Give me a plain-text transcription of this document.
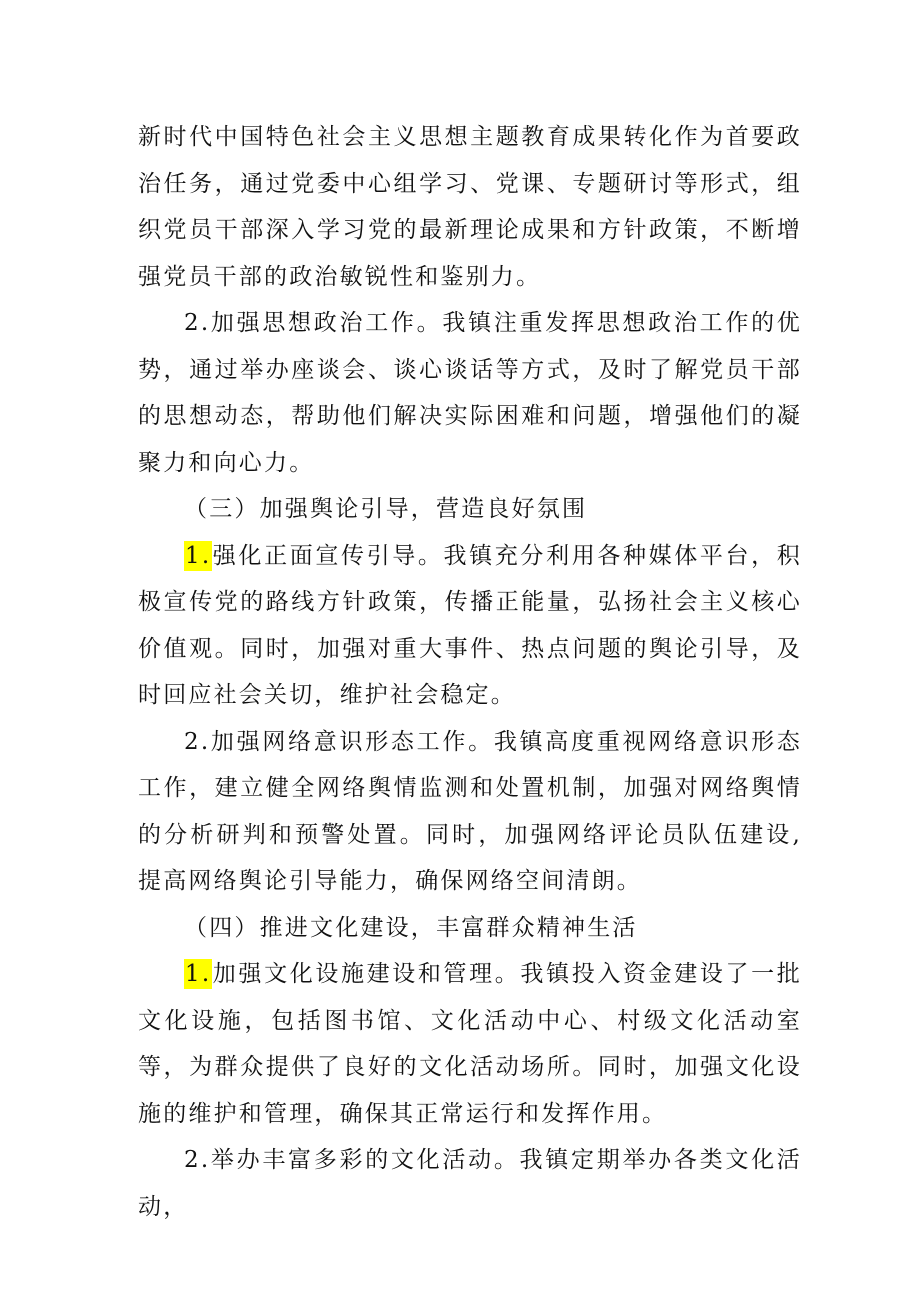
新时代中国特色社会主义思想主题教育成果转化作为首要政治任务，通过党委中心组学习、党课、专题研讨等形式，组织党员干部深入学习党的最新理论成果和方针政策，不断增强党员干部的政治敏锐性和鉴别力。

2.加强思想政治工作。我镇注重发挥思想政治工作的优势，通过举办座谈会、谈心谈话等方式，及时了解党员干部的思想动态，帮助他们解决实际困难和问题，增强他们的凝聚力和向心力。

（三）加强舆论引导，营造良好氛围

1.强化正面宣传引导。我镇充分利用各种媒体平台，积极宣传党的路线方针政策，传播正能量，弘扬社会主义核心价值观。同时，加强对重大事件、热点问题的舆论引导，及时回应社会关切，维护社会稳定。

2.加强网络意识形态工作。我镇高度重视网络意识形态工作，建立健全网络舆情监测和处置机制，加强对网络舆情的分析研判和预警处置。同时，加强网络评论员队伍建设,提高网络舆论引导能力，确保网络空间清朗。

（四）推进文化建设，丰富群众精神生活

1.加强文化设施建设和管理。我镇投入资金建设了一批文化设施，包括图书馆、文化活动中心、村级文化活动室等，为群众提供了良好的文化活动场所。同时，加强文化设施的维护和管理，确保其正常运行和发挥作用。

2.举办丰富多彩的文化活动。我镇定期举办各类文化活动，
